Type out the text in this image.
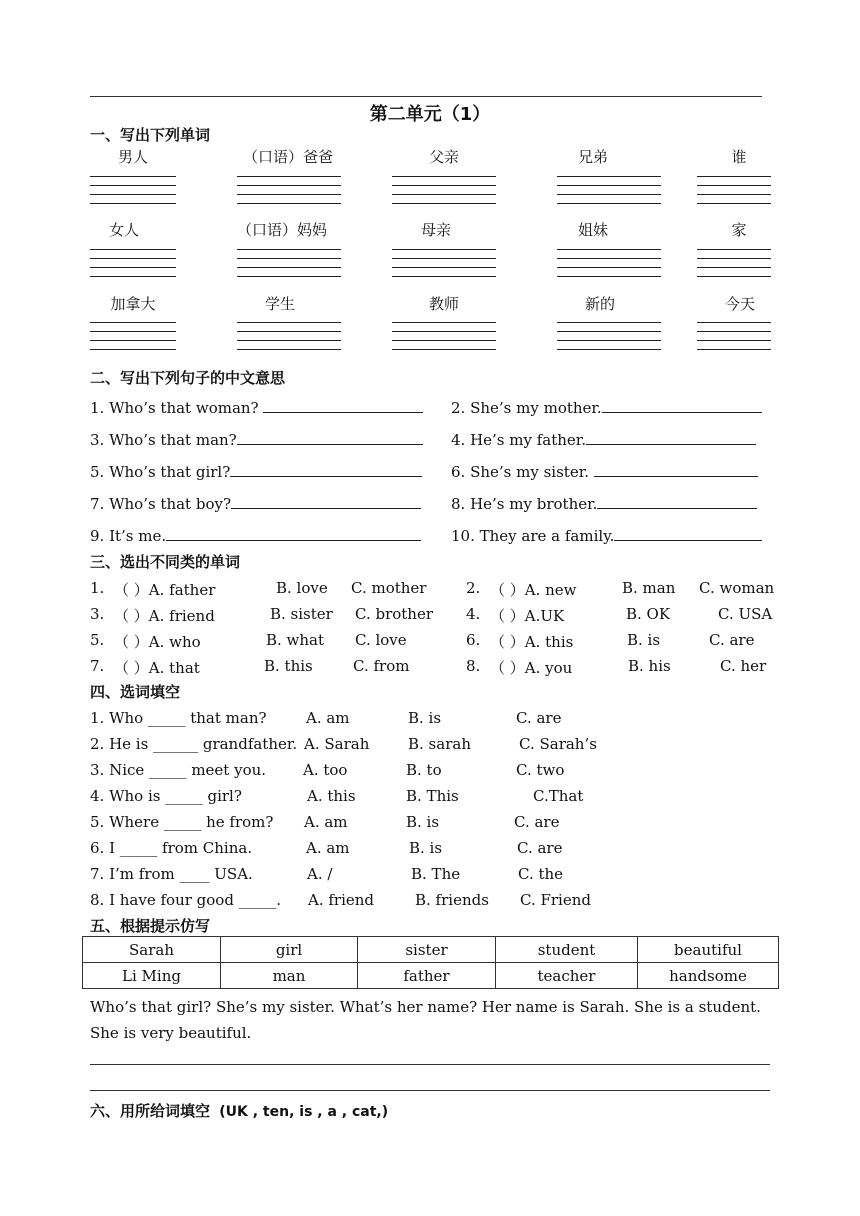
第二单元（1）
一、写出下列单词
男人	（口语）爸爸	父亲	兄弟	谁
女人	（口语）妈妈	母亲	姐妹	家
加拿大	学生	教师	新的	今天
二、写出下列句子的中文意思
1. Who’s that woman?	2. She’s my mother.
3. Who’s that man?	4. He’s my father.
5. Who’s that girl?	6. She’s my sister.
7. Who’s that boy?	8. He’s my brother.
9. It’s me.	10. They are a family.
三、选出不同类的单词
1. （ ）A. father	B. love C. mother	2. （ ）A. new	B. man C. woman
3. （ ）A. friend	B. sister C. brother 4. （ ）A.UK	B. OK	C. USA
5. （ ）A. who	B. what C. love	6. （ ）A. this	B. is	C. are
7. （ ）A. that	B. this	C. from	8. （ ）A. you	B. his	C. her
四、选词填空
1. Who _____ that man?	A. am	B. is	C. are
2. He is ______ grandfather. A. Sarah	B. sarah	C. Sarah’s
3. Nice _____ meet you. A. too	B. to	C. two
4. Who is _____ girl?	A. this	B. This	C.That
5. Where _____ he from? A. am	B. is	C. are
6. I _____ from China.	A. am	B. is	C. are
7. I’m from ____ USA.	A. /	B. The	C. the
8. I have four good _____. A. friend	B. friends C. Friend
五、根据提示仿写
Sarah	girl	sister	student	beautiful
Li Ming	man	father	teacher	handsome
Who’s that girl? She’s my sister. What’s her name? Her name is Sarah. She is a student. She is very beautiful.
六、用所给词填空 (UK , ten, is , a , cat,)
